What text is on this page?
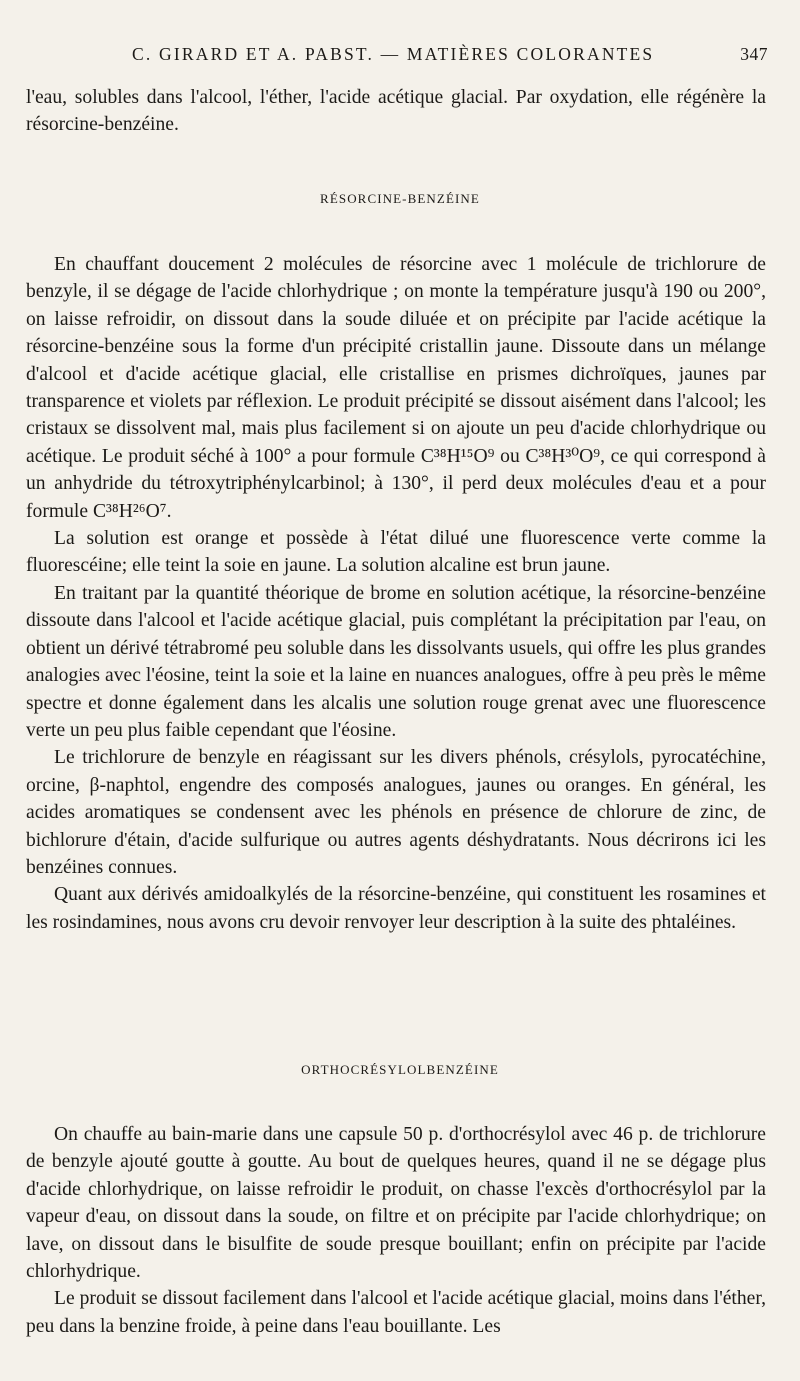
C. GIRARD ET A. PABST. — MATIÈRES COLORANTES	347

l'eau, solubles dans l'alcool, l'éther, l'acide acétique glacial. Par oxydation, elle régénère la résorcine-benzéine.

RÉSORCINE-BENZÉINE

En chauffant doucement 2 molécules de résorcine avec 1 molécule de trichlorure de benzyle, il se dégage de l'acide chlorhydrique ; on monte la température jusqu'à 190 ou 200°, on laisse refroidir, on dissout dans la soude diluée et on précipite par l'acide acétique la résorcine-benzéine sous la forme d'un précipité cristallin jaune. Dissoute dans un mélange d'alcool et d'acide acétique glacial, elle cristallise en prismes dichroïques, jaunes par transparence et violets par réflexion. Le produit précipité se dissout aisément dans l'alcool; les cristaux se dissolvent mal, mais plus facilement si on ajoute un peu d'acide chlorhydrique ou acétique. Le produit séché à 100° a pour formule C³⁸H¹⁵O⁹ ou C³⁸H³⁰O⁹, ce qui correspond à un anhydride du tétroxytriphénylcarbinol; à 130°, il perd deux molécules d'eau et a pour formule C³⁸H²⁶O⁷.

La solution est orange et possède à l'état dilué une fluorescence verte comme la fluorescéine; elle teint la soie en jaune. La solution alcaline est brun jaune.

En traitant par la quantité théorique de brome en solution acétique, la résorcine-benzéine dissoute dans l'alcool et l'acide acétique glacial, puis complétant la précipitation par l'eau, on obtient un dérivé tétrabromé peu soluble dans les dissolvants usuels, qui offre les plus grandes analogies avec l'éosine, teint la soie et la laine en nuances analogues, offre à peu près le même spectre et donne également dans les alcalis une solution rouge grenat avec une fluorescence verte un peu plus faible cependant que l'éosine.

Le trichlorure de benzyle en réagissant sur les divers phénols, crésylols, pyrocatéchine, orcine, β-naphtol, engendre des composés analogues, jaunes ou oranges. En général, les acides aromatiques se condensent avec les phénols en présence de chlorure de zinc, de bichlorure d'étain, d'acide sulfurique ou autres agents déshydratants. Nous décrirons ici les benzéines connues.

Quant aux dérivés amidoalkylés de la résorcine-benzéine, qui constituent les rosamines et les rosindamines, nous avons cru devoir renvoyer leur description à la suite des phtaléines.

ORTHOCRÉSYLOLBENZÉINE

On chauffe au bain-marie dans une capsule 50 p. d'orthocrésylol avec 46 p. de trichlorure de benzyle ajouté goutte à goutte. Au bout de quelques heures, quand il ne se dégage plus d'acide chlorhydrique, on laisse refroidir le produit, on chasse l'excès d'orthocrésylol par la vapeur d'eau, on dissout dans la soude, on filtre et on précipite par l'acide chlorhydrique; on lave, on dissout dans le bisulfite de soude presque bouillant; enfin on précipite par l'acide chlorhydrique.

Le produit se dissout facilement dans l'alcool et l'acide acétique glacial, moins dans l'éther, peu dans la benzine froide, à peine dans l'eau bouillante. Les
